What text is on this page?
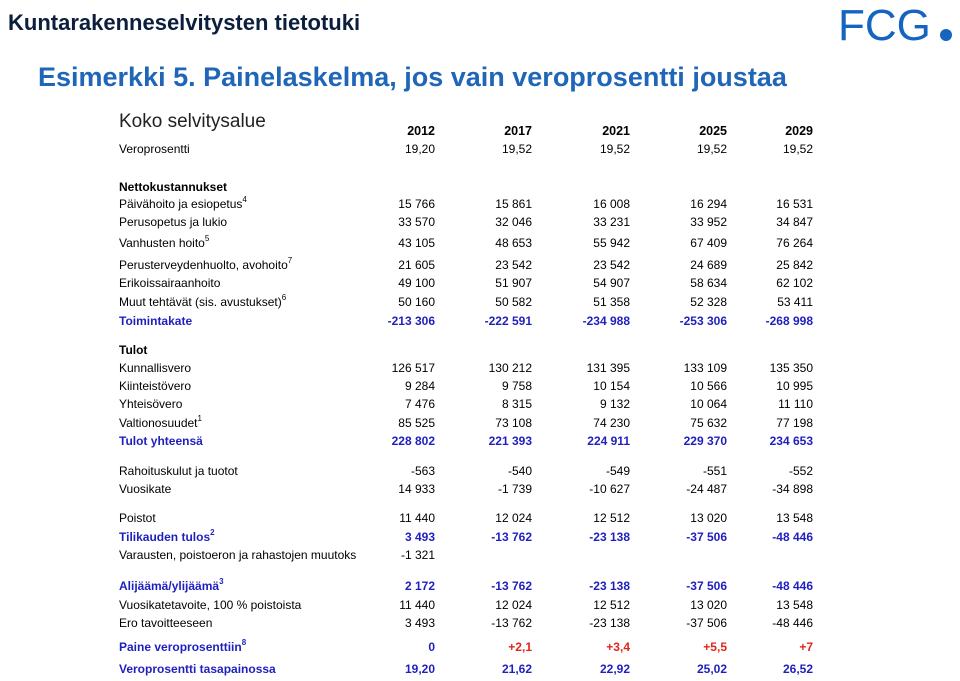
Kuntarakenneselvitysten tietotuki	FCG
Esimerkki 5. Painelaskelma, jos vain veroprosentti joustaa
Koko selvitysalue	2012	2017	2021	2025	2029
Veroprosentti	19,20	19,52	19,52	19,52	19,52
Nettokustannukset
Päivähoito ja esiopetus$^4$	15 766	15 861	16 008	16 294	16 531
Perusopetus ja lukio	33 570	32 046	33 231	33 952	34 847
Vanhusten hoito$^5$	43 105	48 653	55 942	67 409	76 264
Perusterveydenhuolto, avohoito$^7$	21 605	23 542	23 542	24 689	25 842
Erikoissairaanhoito	49 100	51 907	54 907	58 634	62 102
Muut tehtävät (sis. avustukset)$^6$	50 160	50 582	51 358	52 328	53 411
Toimintakate	-213 306	-222 591	-234 988	-253 306	-268 998
Tulot
Kunnallisvero	126 517	130 212	131 395	133 109	135 350
Kiinteistövero	9 284	9 758	10 154	10 566	10 995
Yhteisövero	7 476	8 315	9 132	10 064	11 110
Valtionosuudet$^1$	85 525	73 108	74 230	75 632	77 198
Tulot yhteensä	228 802	221 393	224 911	229 370	234 653
Rahoituskulut ja tuotot	-563	-540	-549	-551	-552
Vuosikate	14 933	-1 739	-10 627	-24 487	-34 898
Poistot	11 440	12 024	12 512	13 020	13 548
Tilikauden tulos$^2$	3 493	-13 762	-23 138	-37 506	-48 446
Varausten, poistoeron ja rahastojen muutoks	-1 321
Alijäämä/ylijäämä$^3$	2 172	-13 762	-23 138	-37 506	-48 446
Vuosikatetavoite, 100 % poistoista	11 440	12 024	12 512	13 020	13 548
Ero tavoitteeseen	3 493	-13 762	-23 138	-37 506	-48 446
Paine veroprosenttiin$^8$	0	+2,1	+3,4	+5,5	+7
Veroprosentti tasapainossa	19,20	21,62	22,92	25,02	26,52
